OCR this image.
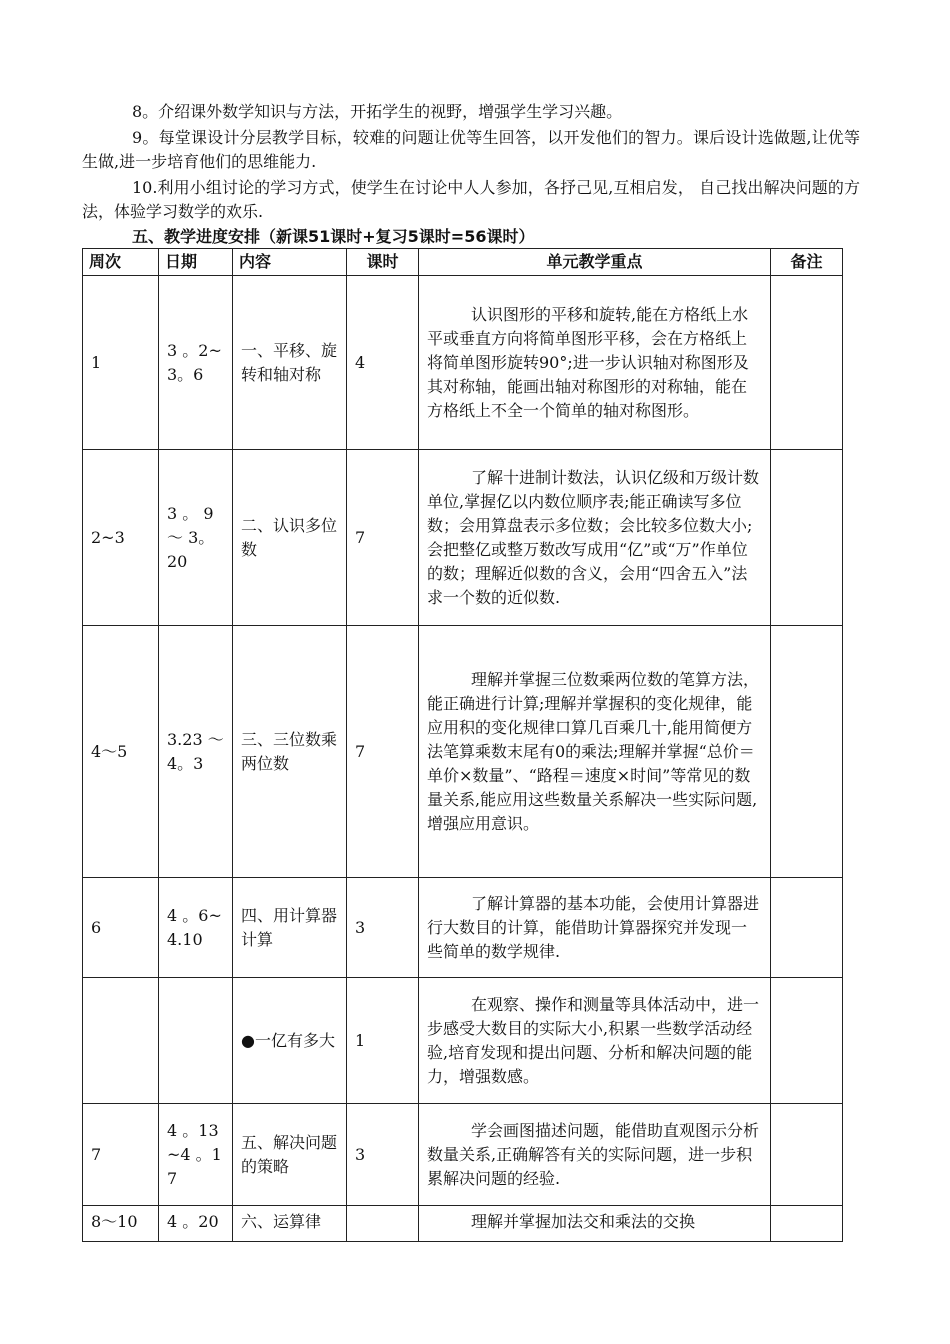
8。介绍课外数学知识与方法，开拓学生的视野，增强学生学习兴趣。

9。每堂课设计分层教学目标，较难的问题让优等生回答，以开发他们的智力。课后设计选做题,让优等生做,进一步培育他们的思维能力.

10.利用小组讨论的学习方式，使学生在讨论中人人参加，各抒己见,互相启发， 自己找出解决问题的方法，体验学习数学的欢乐.

五、教学进度安排（新课51课时+复习5课时=56课时）
周次	日期	内容	课时	单元教学重点	备注
1	3 。2~ 3。6	一、平移、旋转和轴对称	4	认识图形的平移和旋转,能在方格纸上水平或垂直方向将简单图形平移，会在方格纸上将简单图形旋转90°;进一步认识轴对称图形及其对称轴，能画出轴对称图形的对称轴，能在方格纸上不全一个简单的轴对称图形。	
2~3	3 。 9 ～ 3。20	二、认识多位数	7	了解十进制计数法，认识亿级和万级计数单位,掌握亿以内数位顺序表;能正确读写多位数；会用算盘表示多位数；会比较多位数大小;会把整亿或整万数改写成用“亿”或“万”作单位的数；理解近似数的含义，会用“四舍五入”法求一个数的近似数.	
4～5	3.23 ～ 4。3	三、三位数乘两位数	7	理解并掌握三位数乘两位数的笔算方法，能正确进行计算;理解并掌握积的变化规律，能应用积的变化规律口算几百乘几十,能用简便方法笔算乘数末尾有0的乘法;理解并掌握“总价＝单价×数量”、“路程＝速度×时间”等常见的数量关系,能应用这些数量关系解决一些实际问题,增强应用意识。	
6	4 。6~ 4.10	四、用计算器计算	3	了解计算器的基本功能，会使用计算器进行大数目的计算，能借助计算器探究并发现一些简单的数学规律.	
		●一亿有多大	1	在观察、操作和测量等具体活动中，进一步感受大数目的实际大小,积累一些数学活动经验,培育发现和提出问题、分析和解决问题的能力，增强数感。	
7	4 。13 ~4 。1 7	五、解决问题的策略	3	学会画图描述问题，能借助直观图示分析数量关系,正确解答有关的实际问题，进一步积累解决问题的经验.	
8～10	4 。20	六、运算律		理解并掌握加法交和乘法的交换	
